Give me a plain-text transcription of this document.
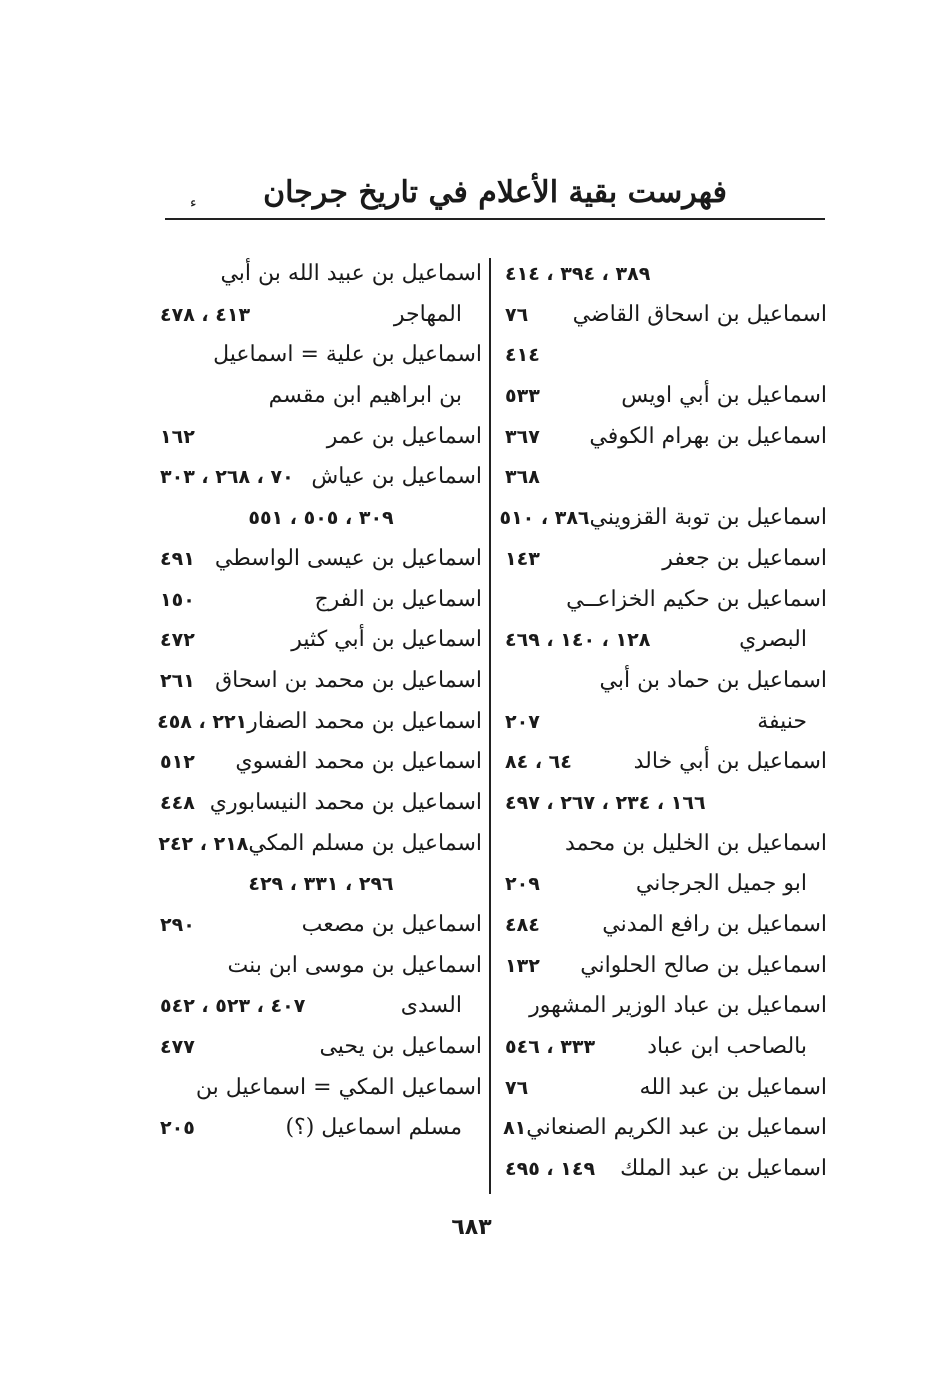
فهرست بقية الأعلام في تاريخ جرجان
ء
٣٨٩ ، ٣٩٤ ، ٤١٤
اسماعيل بن اسحاق القاضي
٧٦
٤١٤
اسماعيل بن أبي اويس
٥٣٣
اسماعيل بن بهرام الكوفي
٣٦٧
٣٦٨
اسماعيل بن توبة القزويني
٣٨٦ ، ٥١٠
اسماعيل بن جعفر
١٤٣
اسماعيل بن حكيم الخزاعــي
البصري
١٢٨ ، ١٤٠ ، ٤٦٩
اسماعيل بن حماد بن أبي
حنيفة
٢٠٧
اسماعيل بن أبي خالد
٦٤ ، ٨٤
١٦٦ ، ٢٣٤ ، ٢٦٧ ، ٤٩٧
اسماعيل بن الخليل بن محمد
ابو جميل الجرجاني
٢٠٩
اسماعيل بن رافع المدني
٤٨٤
اسماعيل بن صالح الحلواني
١٣٢
اسماعيل بن عباد الوزير المشهور
بالصاحب ابن عباد
٣٣٣ ، ٥٤٦
اسماعيل بن عبد الله
٧٦
اسماعيل بن عبد الكريم الصنعاني
٨١
اسماعيل بن عبد الملك
١٤٩ ، ٤٩٥
اسماعيل بن عبيد الله بن أبي
المهاجر
٤١٣ ، ٤٧٨
اسماعيل بن علية = اسماعيل
بن ابراهيم ابن مقسم
اسماعيل بن عمر
١٦٢
اسماعيل بن عياش
٧٠ ، ٢٦٨ ، ٣٠٣
٣٠٩ ، ٥٠٥ ، ٥٥١
اسماعيل بن عيسى الواسطي
٤٩١
اسماعيل بن الفرج
١٥٠
اسماعيل بن أبي كثير
٤٧٢
اسماعيل بن محمد بن اسحاق
٢٦١
اسماعيل بن محمد الصفار
٢٢١ ، ٤٥٨
اسماعيل بن محمد الفسوي
٥١٢
اسماعيل بن محمد النيسابوري
٤٤٨
اسماعيل بن مسلم المكي
٢١٨ ، ٢٤٢
٢٩٦ ، ٣٣١ ، ٤٢٩
اسماعيل بن مصعب
٢٩٠
اسماعيل بن موسى ابن بنت
السدى
٤٠٧ ، ٥٢٣ ، ٥٤٢
اسماعيل بن يحيى
٤٧٧
اسماعيل المكي = اسماعيل بن
مسلم اسماعيل (؟)
٢٠٥
٦٨٣
